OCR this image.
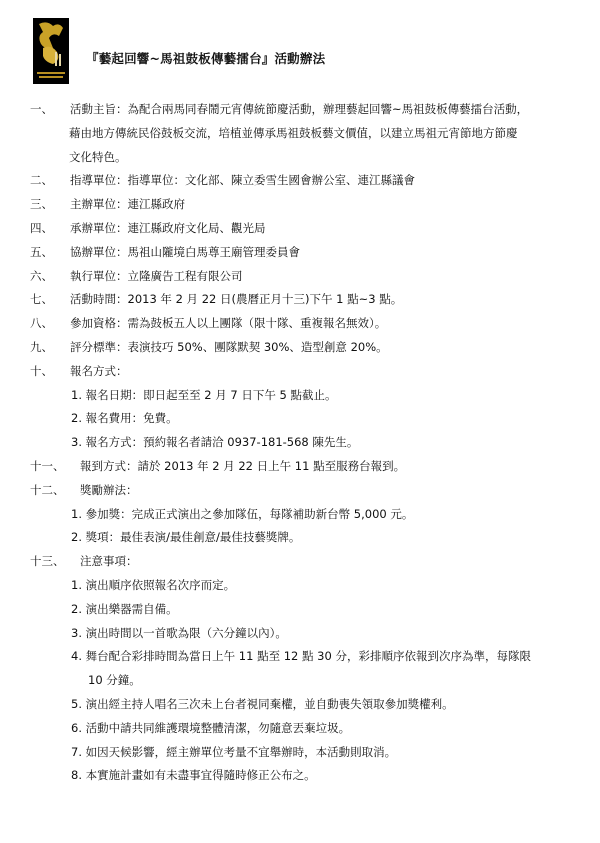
『藝起回響~馬祖鼓板傳藝擂台』活動辦法
一、 活動主旨：為配合兩馬同春鬧元宵傳統節慶活動，辦理藝起回響~馬祖鼓板傳藝擂台活動，
藉由地方傳統民俗鼓板交流，培植並傳承馬祖鼓板藝文價值，以建立馬祖元宵節地方節慶
文化特色。
二、 指導單位：指導單位：文化部、陳立委雪生國會辦公室、連江縣議會
三、 主辦單位：連江縣政府
四、 承辦單位：連江縣政府文化局、觀光局
五、 協辦單位：馬祖山隴境白馬尊王廟管理委員會
六、 執行單位：立隆廣告工程有限公司
七、 活動時間：2013 年 2 月 22 日(農曆正月十三)下午 1 點~3 點。
八、 參加資格：需為鼓板五人以上團隊（限十隊、重複報名無效）。
九、 評分標準：表演技巧 50%、團隊默契 30%、造型創意 20%。
十、 報名方式：
1. 報名日期：即日起至至 2 月 7 日下午 5 點截止。
2. 報名費用：免費。
3. 報名方式：預約報名者請洽 0937-181-568 陳先生。
十一、 報到方式：請於 2013 年 2 月 22 日上午 11 點至服務台報到。
十二、 獎勵辦法：
1. 參加獎：完成正式演出之參加隊伍，每隊補助新台幣 5,000 元。
2. 獎項：最佳表演/最佳創意/最佳技藝獎牌。
十三、 注意事項：
1. 演出順序依照報名次序而定。
2. 演出樂器需自備。
3. 演出時間以一首歌為限（六分鐘以內）。
4. 舞台配合彩排時間為當日上午 11 點至 12 點 30 分，彩排順序依報到次序為準，每隊限
10 分鐘。
5. 演出經主持人唱名三次未上台者視同棄權，並自動喪失領取參加獎權利。
6. 活動中請共同維護環境整體清潔，勿隨意丟棄垃圾。
7. 如因天候影響，經主辦單位考量不宜舉辦時，本活動則取消。
8. 本實施計畫如有未盡事宜得隨時修正公布之。
